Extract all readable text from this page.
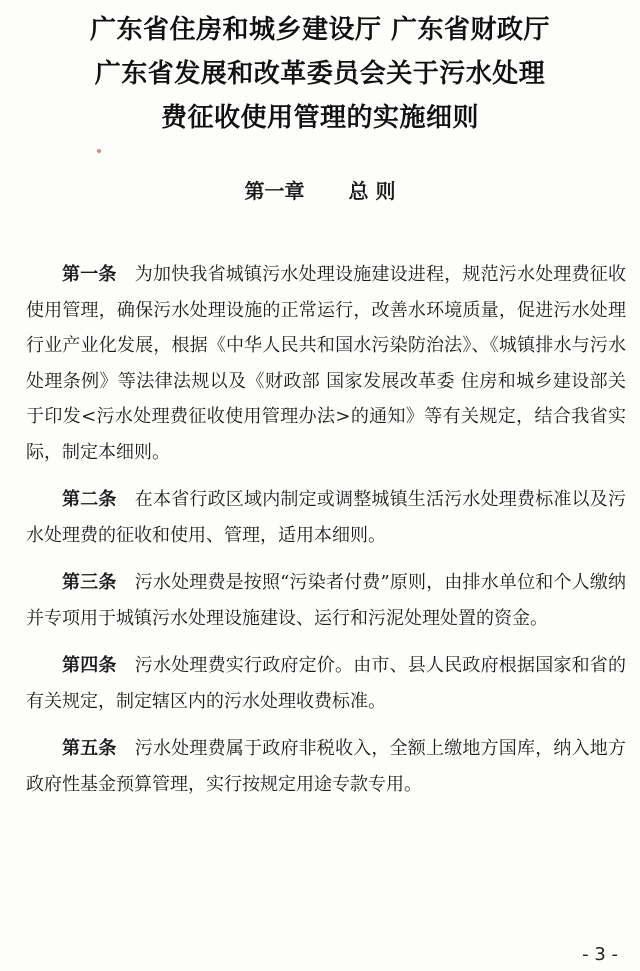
广东省住房和城乡建设厅 广东省财政厅
广东省发展和改革委员会关于污水处理
费征收使用管理的实施细则
第一章 总 则

第一条  为加快我省城镇污水处理设施建设进程，规范污水处理费征收使用管理，确保污水处理设施的正常运行，改善水环境质量，促进污水处理行业产业化发展，根据《中华人民共和国水污染防治法》、《城镇排水与污水处理条例》等法律法规以及《财政部 国家发展改革委 住房和城乡建设部关于印发<污水处理费征收使用管理办法>的通知》等有关规定，结合我省实际，制定本细则。

第二条  在本省行政区域内制定或调整城镇生活污水处理费标准以及污水处理费的征收和使用、管理，适用本细则。

第三条  污水处理费是按照“污染者付费”原则，由排水单位和个人缴纳并专项用于城镇污水处理设施建设、运行和污泥处理处置的资金。

第四条  污水处理费实行政府定价。由市、县人民政府根据国家和省的有关规定，制定辖区内的污水处理收费标准。

第五条  污水处理费属于政府非税收入，全额上缴地方国库，纳入地方政府性基金预算管理，实行按规定用途专款专用。

- 3 -
